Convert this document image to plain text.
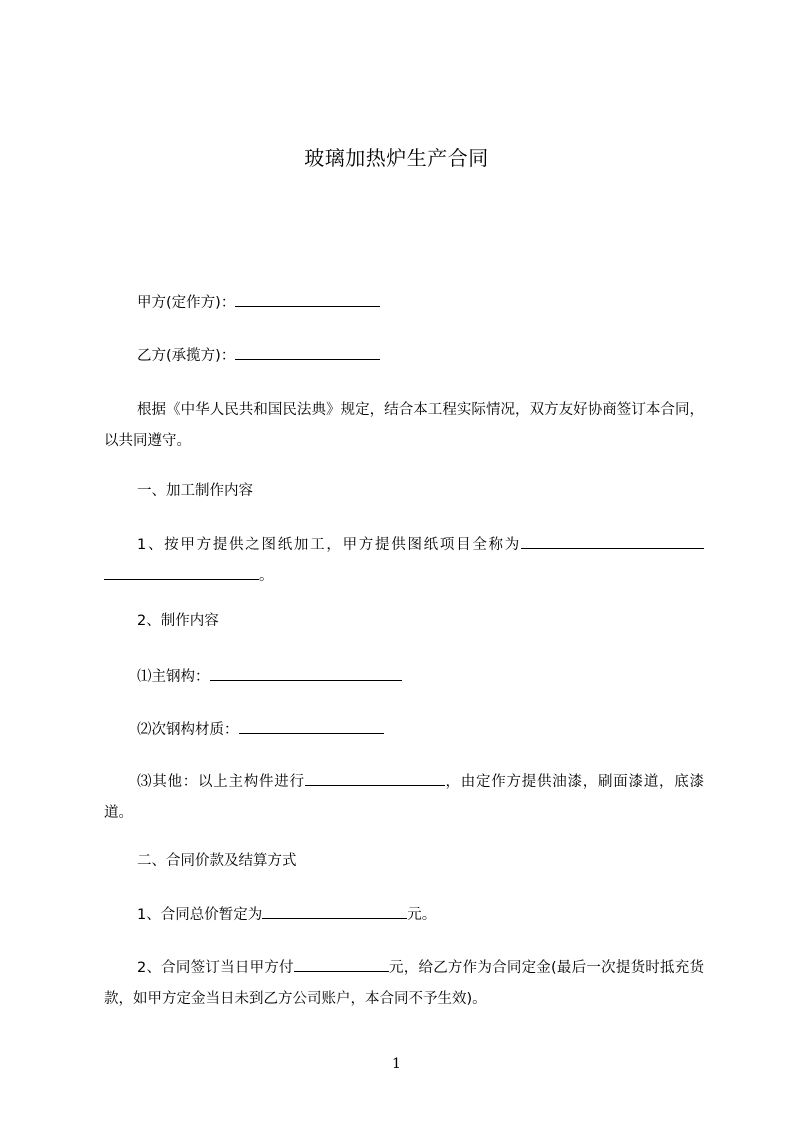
玻璃加热炉生产合同
甲方(定作方)：
乙方(承揽方)：
根据《中华人民共和国民法典》规定，结合本工程实际情况，双方友好协商签订本合同，以共同遵守。
一、加工制作内容
1、按甲方提供之图纸加工，甲方提供图纸项目全称为。
2、制作内容
⑴主钢构：
⑵次钢构材质：
⑶其他：以上主构件进行	，由定作方提供油漆，刷面漆道，底漆道。
二、合同价款及结算方式
1、合同总价暂定为	元。
2、合同签订当日甲方付	元，给乙方作为合同定金(最后一次提货时抵充货款，如甲方定金当日未到乙方公司账户，本合同不予生效)。
1
